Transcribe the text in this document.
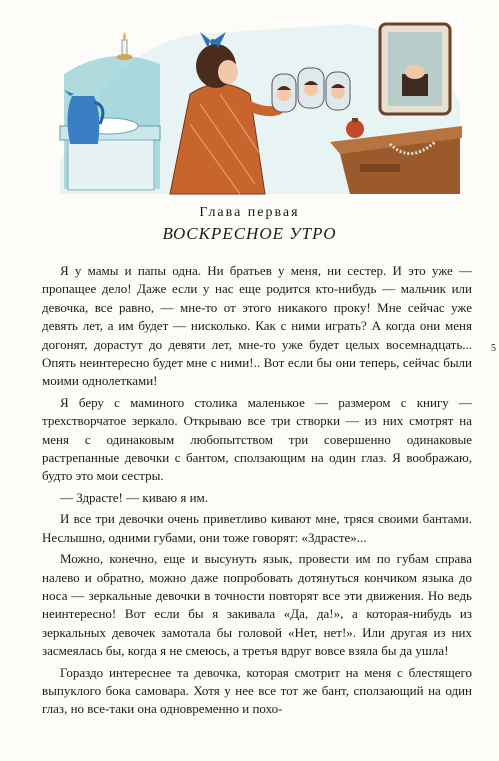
Глава первая
ВОСКРЕСНОЕ УТРО

Я у мамы и папы одна. Ни братьев у меня, ни сестер. И это уже — пропащее дело! Даже если у нас еще родится кто-нибудь — мальчик или девочка, все равно, — мне-то от этого никакого проку! Мне сейчас уже девять лет, а им будет — нисколько. Как с ними играть? А когда они меня догонят, дорастут до девяти лет, мне-то уже будет целых восемнадцать... Опять неинтересно будет мне с ними!.. Вот если бы они теперь, сейчас были моими однолетками!

Я беру с маминого столика маленькое — размером с книгу — трехстворчатое зеркало. Открываю все три створки — из них смотрят на меня с одинаковым любопытством три совершенно одинаковые растрепанные девочки с бантом, сползающим на один глаз. Я воображаю, будто это мои сестры.

— Здрасте! — киваю я им.

И все три девочки очень приветливо кивают мне, тряся своими бантами. Неслышно, одними губами, они тоже говорят: «Здрасте»...

Можно, конечно, еще и высунуть язык, провести им по губам справа налево и обратно, можно даже попробовать дотянуться кончиком языка до носа — зеркальные девочки в точности повторят все эти движения. Но ведь неинтересно! Вот если бы я закивала «Да, да!», а которая-нибудь из зеркальных девочек замотала бы головой «Нет, нет!». Или другая из них засмеялась бы, когда я не смеюсь, а третья вдруг вовсе взяла бы да ушла!

Гораздо интереснее та девочка, которая смотрит на меня с блестящего выпуклого бока самовара. Хотя у нее все тот же бант, сползающий на один глаз, но все-таки она одновременно и похо-

5
